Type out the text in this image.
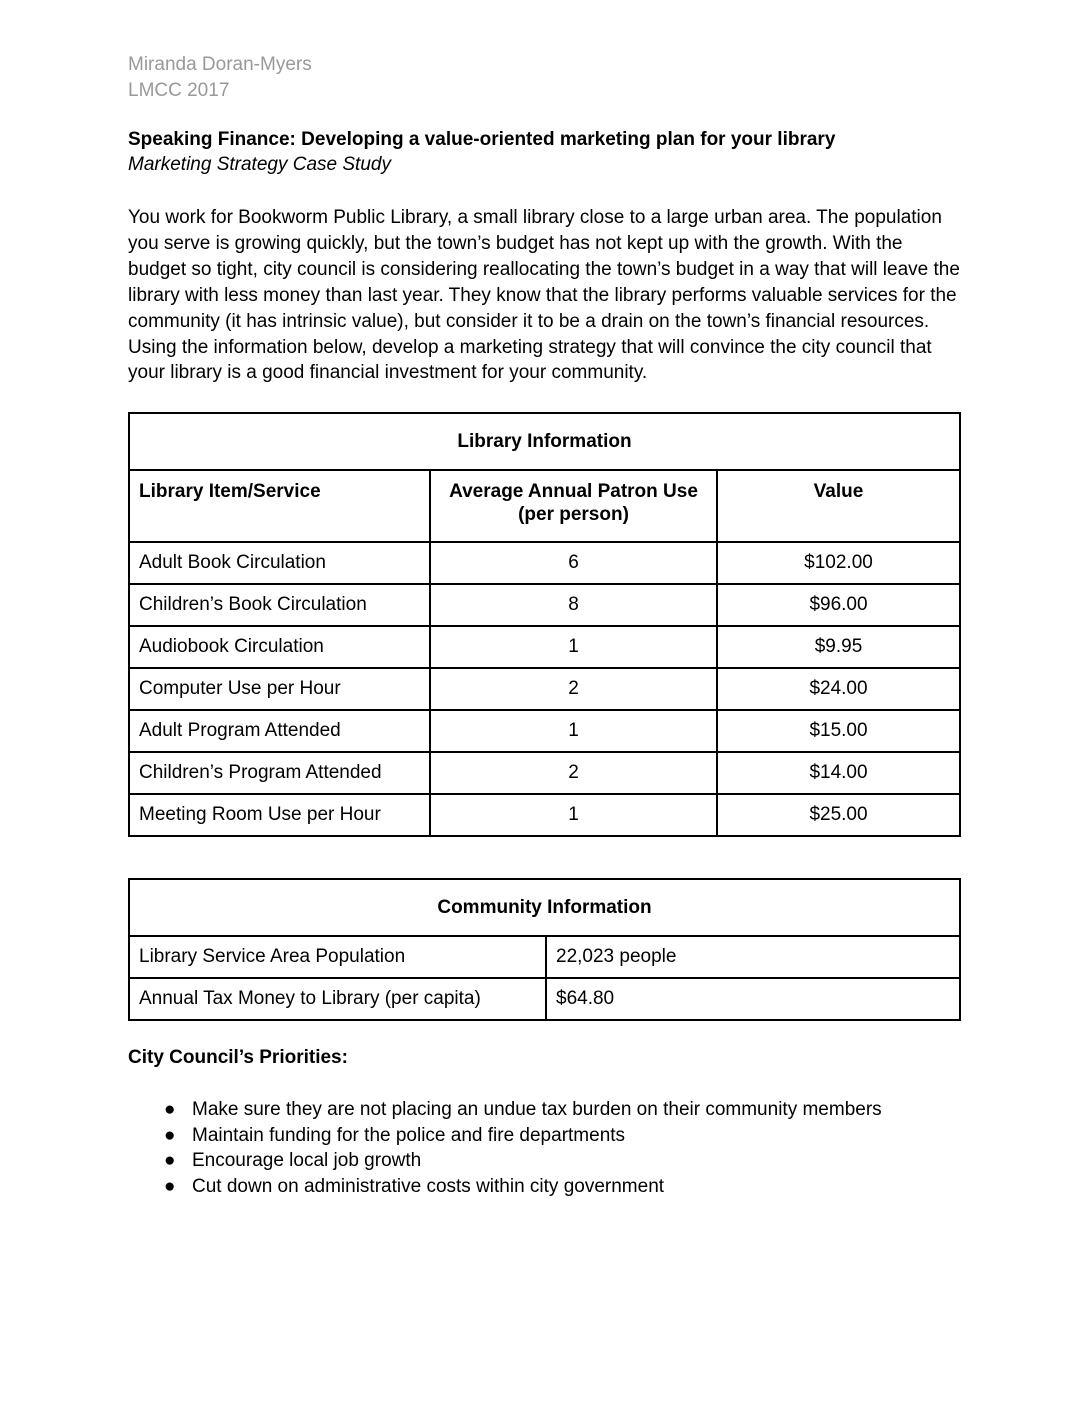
Miranda Doran-Myers
LMCC 2017
Speaking Finance: Developing a value-oriented marketing plan for your library
Marketing Strategy Case Study
You work for Bookworm Public Library, a small library close to a large urban area. The population you serve is growing quickly, but the town’s budget has not kept up with the growth. With the budget so tight, city council is considering reallocating the town’s budget in a way that will leave the library with less money than last year. They know that the library performs valuable services for the community (it has intrinsic value), but consider it to be a drain on the town’s financial resources. Using the information below, develop a marketing strategy that will convince the city council that your library is a good financial investment for your community.
Library Information		
Library Item/Service	Average Annual Patron Use (per person)	Value
Adult Book Circulation	6	$102.00
Children’s Book Circulation	8	$96.00
Audiobook Circulation	1	$9.95
Computer Use per Hour	2	$24.00
Adult Program Attended	1	$15.00
Children’s Program Attended	2	$14.00
Meeting Room Use per Hour	1	$25.00
Community Information	
Library Service Area Population	22,023 people
Annual Tax Money to Library (per capita)	$64.80
City Council’s Priorities:
● Make sure they are not placing an undue tax burden on their community members
● Maintain funding for the police and fire departments
● Encourage local job growth
● Cut down on administrative costs within city government
